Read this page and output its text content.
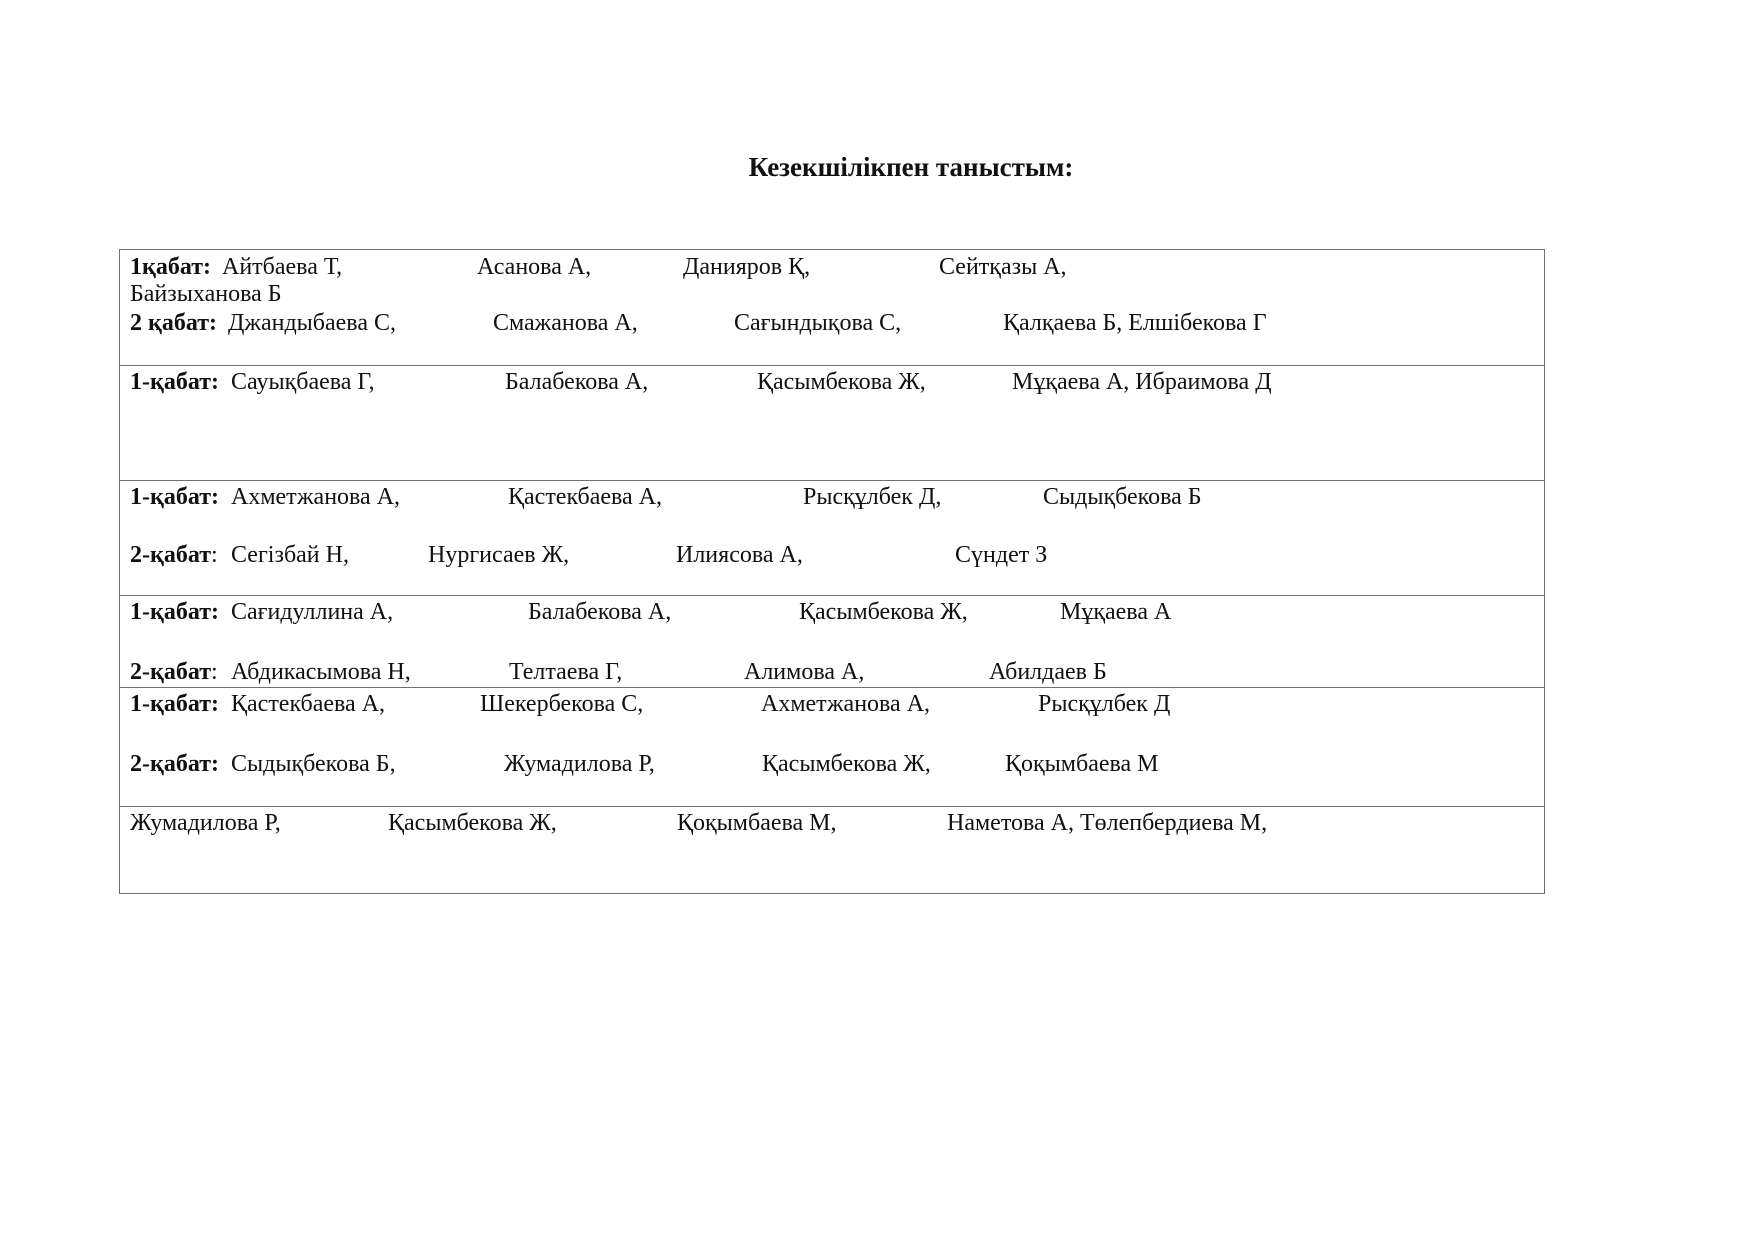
Кезекшілікпен таныстым:
1қабат: Айтбаева Т,	Асанова А,	Данияров Қ,	Сейтқазы А,
Байзыханова Б
2 қабат: Джандыбаева С,	Смажанова А,	Сағындықова С,	Қалқаева Б, Елшібекова Г
1-қабат: Сауықбаева Г,	Балабекова А,	Қасымбекова Ж,	Мұқаева А, Ибраимова Д
1-қабат: Ахметжанова А,	Қастекбаева А,	Рысқұлбек Д,	Сыдықбекова Б
2-қабат: Сегізбай Н,	Нургисаев Ж,	Илиясова А,	Сүндет З
1-қабат: Сағидуллина А,	Балабекова А,	Қасымбекова Ж,	Мұқаева А
2-қабат: Абдикасымова Н,	Телтаева Г,	Алимова А,	Абилдаев Б
1-қабат: Қастекбаева А,	Шекербекова С,	Ахметжанова А,	Рысқұлбек Д
2-қабат: Сыдықбекова Б,	Жумадилова Р,	Қасымбекова Ж,	Қоқымбаева М
Жумадилова Р,	Қасымбекова Ж,	Қоқымбаева М,	Наметова А, Төлепбердиева М,
